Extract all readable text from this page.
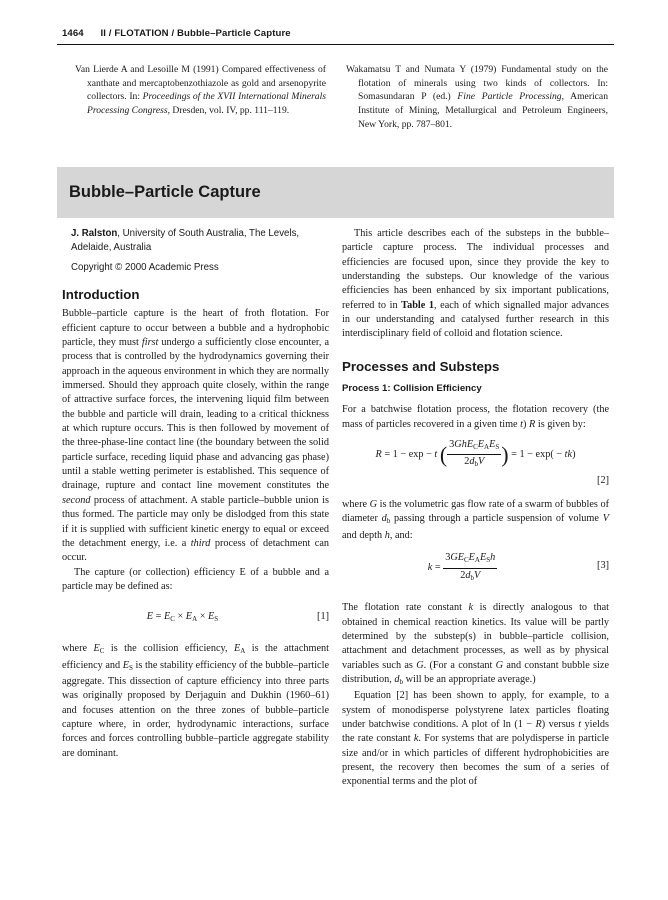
1464 II / FLOTATION / Bubble–Particle Capture

Van Lierde A and Lesoille M (1991) Compared effectiveness of xanthate and mercaptobenzothiazole as gold and arsenopyrite collectors. In: Proceedings of the XVII International Minerals Processing Congress, Dresden, vol. IV, pp. 111–119.

Wakamatsu T and Numata Y (1979) Fundamental study on the flotation of minerals using two kinds of collectors. In: Somasundaran P (ed.) Fine Particle Processing, American Institute of Mining, Metallurgical and Petroleum Engineers, New York, pp. 787–801.

Bubble–Particle Capture
J. Ralston, University of South Australia, The Levels, Adelaide, Australia
Copyright © 2000 Academic Press
Introduction

Bubble–particle capture is the heart of froth flotation. For efficient capture to occur between a bubble and a hydrophobic particle, they must first undergo a sufficiently close encounter, a process that is controlled by the hydrodynamics governing their approach in the aqueous environment in which they are normally immersed. Should they approach quite closely, within the range of attractive surface forces, the intervening liquid film between the bubble and particle will drain, leading to a critical thickness at which rupture occurs. This is then followed by movement of the three-phase-line contact line (the boundary between the solid particle surface, receding liquid phase and advancing gas phase) until a stable wetting perimeter is established. This sequence of drainage, rupture and contact line movement constitutes the second process of attachment. A stable particle–bubble union is thus formed. The particle may only be dislodged from this state if it is supplied with sufficient kinetic energy to equal or exceed the detachment energy, i.e. a third process of detachment can occur.

The capture (or collection) efficiency E of a bubble and a particle may be defined as:

$E = E_C \times E_A \times E_S$	[1]

where $E_C$ is the collision efficiency, $E_A$ is the attachment efficiency and $E_S$ is the stability efficiency of the bubble–particle aggregate. This dissection of capture efficiency into three parts was originally proposed by Derjaguin and Dukhin (1960–61) and focuses attention on the three zones of bubble–particle capture where, in order, hydrodynamic interactions, surface forces and forces controlling bubble–particle aggregate stability are dominant.

This article describes each of the substeps in the bubble–particle capture process. The individual processes and efficiencies are focused upon, since they provide the key to understanding the substeps. Our knowledge of the various efficiencies has been enhanced by six important publications, referred to in Table 1, each of which signalled major advances in our understanding and catalysed further research in this interdisciplinary field of colloid and flotation science.

Processes and Substeps
Process 1: Collision Efficiency

For a batchwise flotation process, the flotation recovery (the mass of particles recovered in a given time t) R is given by:

R = 1 − exp − t ( $\frac{3GhE_CE_AE_S}{2d_bV}$ ) = 1 − exp( − tk)
[2]

where G is the volumetric gas flow rate of a swarm of bubbles of diameter $d_b$ passing through a particle suspension of volume V and depth h, and:

$k = \frac{3GE_CE_AE_Sh}{2d_bV}$	[3]

The flotation rate constant k is directly analogous to that obtained in chemical reaction kinetics. Its value will be partly determined by the substep(s) in bubble–particle collision, attachment and detachment processes, as well as by physical variables such as G. (For a constant G and constant bubble size distribution, $d_b$ will be an appropriate average.)

Equation [2] has been shown to apply, for example, to a system of monodisperse polystyrene latex particles floating under batchwise conditions. A plot of ln (1 − R) versus t yields the rate constant k. For systems that are polydisperse in particle size and/or in which particles of different hydrophobicities are present, the recovery then becomes the sum of a series of exponential terms and the plot of
